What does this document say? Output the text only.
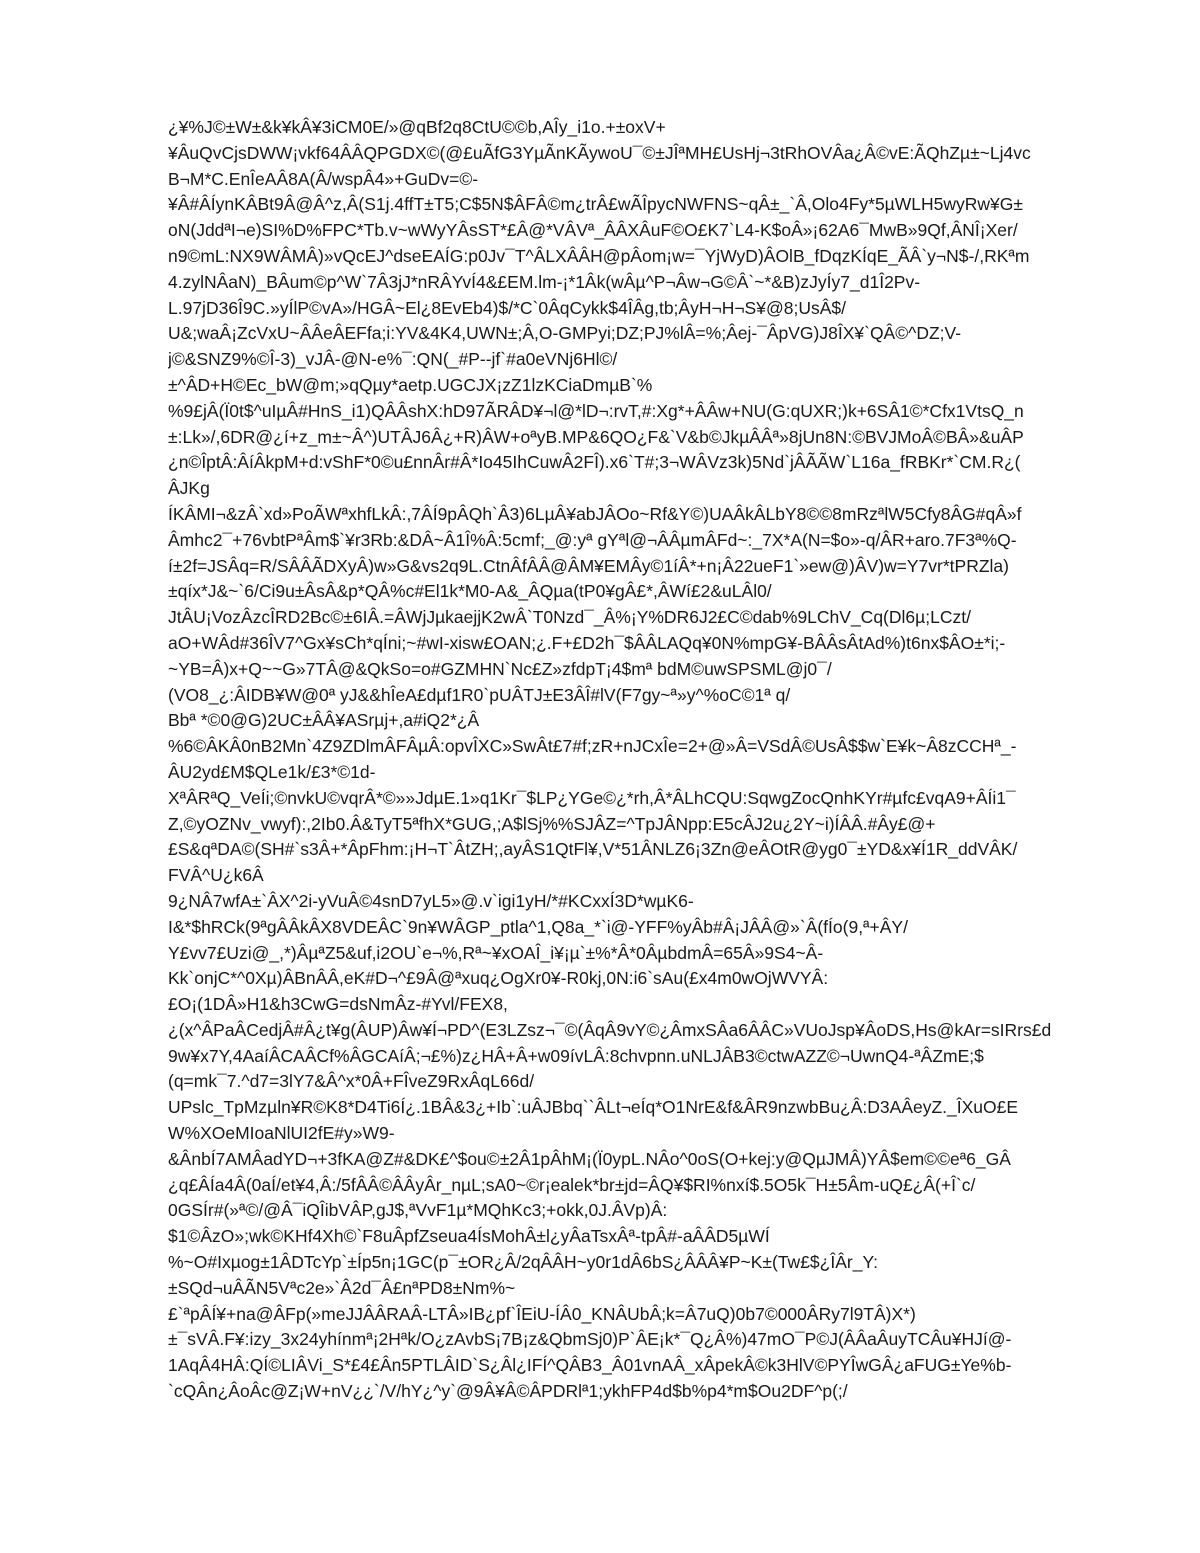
¿¥%J©±W±&k¥kÂ¥3iCM0E/»@qBf2q8CtU©©b,AÎy_i1o.+±oxV+
¥ÂuQvCjsDWW¡vkf64ÂÂQPGDX©(@£uÃfG3YµÃnKÃywoU¯©±JÎªMH£UsHj¬3tRhOVÂa¿Â©vE:ÃQhZµ±~Lj4vc
B¬M*C.EnÎeAÂ8A(Â/wspÂ4»+GuDv=©-
¥Â#ÂÍynKÂBt9Â@Â^z,Â(S1j.4ffT±T5;C$5N$ÂFÂ©m¿trÂ£wÃÎpycNWFNS~qÂ±_`Â,Olo4Fy*5µWLH5wyRw¥G±
oN(JddªI¬e)SI%D%FPC*Tb.v~wWyYÂsST*£Â@*VÂVª_ÂÂXÂuF©O£K7`L4-K$oÂ»¡62A6¯MwB»9Qf,ÂNÎ¡Xer/
n9©mL:NX9WÂMÂ)»vQcEJ^dseEAÍG:p0Jv¯T^ÂLXÂÂH@pÂom¡w=¯YjWyD)ÂOlB_fDqzKÍqE_ÃÂ`y¬N$-/,RKªm
4.zylNÂaN)_BÂum©p^W`7Â3jJ*nRÂYvÍ4&£EM.lm-¡*1Âk(wÂµ^P¬Âw¬G©Â`~*&B)zJyÍy7_d1Î2Pv-
L.97jD36Î9C.»yÍlP©vA»/HGÂ~El¿8EvEb4)$/*C`0ÂqCykk$4ÎÂg,tb;ÂyH¬H¬S¥@8;UsÂ$/
U&;waÂ¡ZcVxU~ÂÂeÂEFfa;i:YV&4K4,UWN±;Â,O-GMPyi;DZ;PJ%lÂ=%;Âej-¯ÂpVG)J8ÎX¥`QÂ©^DZ;V-
j©&SNZ9%©Î-3)_vJÂ-@N-e%¯:QN(_#P--jf`#a0eVNj6Hl©/
±^ÂD+H©Ec_bW@m;»qQµy*aetp.UGCJX¡zZ1lzKCiaDmµB`%
%9£jÂ(Ï0t$^uIµÂ#HnS_i1)QÂÂshX:hD97ÃRÂD¥¬l@*lD¬:rvT,#:Xg*+ÂÂw+NU(G:qUXR;)k+6SÂ1©*Cfx1VtsQ_n
±:Lk»/,6DR@¿í+z_m±~Â^)UTÂJ6Â¿+R)ÂW+oªyB.MP&6QO¿F&`V&b©JkµÂÂª»8jUn8N:©BVJMoÂ©BÂ»&uÂP
¿n©ÎptÂ:ÂíÂkpM+d:vShF*0©u£nnÂr#Â*Io45IhCuwÂ2FÎ).x6`T#;3¬WÂVz3k)5Nd`jÂÃÃW`L16a_fRBKr*`CM.R¿(
ÂJKg
ÍKÂMI¬&zÂ`xd»PoÃWªxhfLkÂ:,7ÂÍ9pÂQh`Â3)6LµÂ¥abJÂOo~Rf&Y©)UAÂkÂLbY8©©8mRzªlW5Cfy8ÂG#qÂ»f
Âmhc2¯+76vbtPªÂm$`¥r3Rb:&DÂ~Â1Î%Â:5cmf;_@:yª gYªl@¬ÂÂµmÂFd~:_7X*A(N=$o»-q/ÂR+aro.7F3ª%Q-
í±2f=JSÂq=R/SÂÂÃDXyÂ)w»G&vs2q9L.CtnÂfÂÂ@ÂM¥EMÂy©1íÂ*+n¡Â22ueF1`»ew@)ÂV)w=Y7vr*tPRZla)
±qíx*J&~`6/Ci9u±ÂsÂ&p*QÂ%c#El1k*M0-A&_ÂQµa(tP0¥gÂ£*,ÂWí£2&uLÂl0/
JtÂU¡VozÂzcÎRD2Bc©±6IÂ.=ÂWjJµkaejjK2wÂ`T0Nzd¯_Â%¡Y%DR6J2£C©dab%9LChV_Cq(Dl6µ;LCzt/
aO+WÂd#36ÎV7^Gx¥sCh*qÍni;~#wI-xisw£OAN;¿.F+£D2h¯$ÂÂLAQq¥0N%mpG¥-BÂÂsÂtAd%)t6nx$ÂO±*i;-
~YB=Â)x+Q~~G»7TÂ@&QkSo=o#GZMHN`Nc£Z»zfdpT¡4$mª bdM©uwSPSML@j0¯/
(VO8_¿:ÂIDB¥W@0ª yJ&&hÎeA£dµf1R0`pUÂTJ±E3ÂÎ#lV(F7gy~ª»y^%oC©1ª q/
Bbª *©0@G)2UC±ÂÂ¥ASrµj+,a#iQ2*¿Â
%6©ÂKÂ0nB2Mn`4Z9ZDlmÂFÂµÂ:opvÎXC»SwÂt£7#f;zR+nJCxÎe=2+@»Â=VSdÂ©UsÂ$$w`E¥k~Â8zCCHª_-
ÂU2yd£M$QLe1k/£3*©1d-
XªÂRªQ_VeÍi;©nvkU©vqrÂ*©»»JdµE.1»q1Kr¯$LP¿YGe©¿*rh,Â*ÂLhCQU:SqwgZocQnhKYr#µfc£vqA9+ÂÍi1¯
Z,©yOZNv_vwyf):,2Ib0.Â&TyT5ªfhX*GUG,;A$lSj%%SJÂZ=^TpJÂNpp:E5cÂJ2u¿2Y~i)ÍÂÂ.#Ây£@+
£S&qªDA©(SH#`s3Â+*ÂpFhm:¡H¬T`ÂtZH;,ayÂS1QtFl¥,V*51ÂNLZ6¡3Zn@eÂOtR@yg0¯±YD&x¥Í1R_ddVÂK/
FVÂ^U¿k6Â
9¿NÂ7wfA±`ÂX^2i-yVuÂ©4snD7yL5»@.v`igi1yH/*#KCxxÍ3D*wµK6-
I&*$hRCk(9ªgÂÂkÂX8VDEÂC`9n¥WÂGP_ptla^1,Q8a_*`i@-YFF%yÂb#Â¡JÂÂ@»`Â(fÍo(9,ª+ÂY/
Y£vv7£Uzi@_,*)ÂµªZ5&uf,i2OU`e¬%,Rª~¥xOAÎ_i¥¡µ`±%*Â*0ÂµbdmÂ=65Â»9S4~Â-
Kk`onjC*^0Xµ)ÂBnÂÂ,eK#D¬^£9Â@ªxuq¿OgXr0¥-R0kj,0N:i6`sAu(£x4m0wOjWVYÂ:
£O¡(1DÂ»H1&h3CwG=dsNmÂz-#Yvl/FEX8,
¿(x^ÂPaÂCedjÂ#Â¿t¥g(ÂUP)Âw¥Í¬PD^(E3LZsz¬¯©(ÂqÂ9vY©¿ÂmxSÂa6ÂÂC»VUoJsp¥ÂoDS,Hs@kAr=sIRrs£d
9w¥x7Y,4AaíÂCAÂCf%ÂGCAíÂ;¬£%)z¿HÂ+Â+w09ívLÂ:8chvpnn.uNLJÂB3©ctwAZZ©¬UwnQ4-ªÂZmE;$
(q=mk¯7.^d7=3lY7&Â^x*0Â+FÎveZ9RxÂqL66d/
UPslc_TpMzµln¥R©K8*D4Ti6Í¿.1BÂ&3¿+Ib`:uÂJBbq``ÂLt¬eÍq*O1NrE&f&ÂR9nzwbBu¿Â:D3AÂeyZ._ÎXuO£E
W%XOeMIoaNlUI2fE#y»W9-
&ÂnbÍ7AMÂadYD¬+3fKA@Z#&DK£^$ou©±2Â1pÂhM¡(Ï0ypL.NÂo^0oS(O+kej:y@QµJMÂ)YÂ$em©©eª6_GÂ
¿q£ÂÍa4Â(0aÍ/et¥4,Â:/5fÂÂ©ÂÂyÂr_nµL;sA0~©r¡ealek*br±jd=ÂQ¥$RI%nxí$.5O5k¯H±5Âm-uQ£¿Â(+Î`c/
0GSÍr#(»ª©/@Â¯iQÎibVÂP,gJ$,ªVvF1µ*MQhKc3;+okk,0J.ÂVp)Â:
$1©ÂzO»;wk©KHf4Xh©`F8uÂpfZseua4ÍsMohÂ±l¿yÂaTsxÂª-tpÂ#-aÂÂD5µWÍ
%~O#Ixµog±1ÂDTcYp`±Íp5n¡1GC(p¯±OR¿Â/2qÂÂH~y0r1dÂ6bS¿ÂÂÂ¥P~K±(Tw£$¿ÎÂr_Y:
±SQd¬uÂÃN5Vªc2e»`Â2d¯Â£nªPD8±Nm%~
£`ªpÂÍ¥+na@ÂFp(»meJJÂÂRAÂ-LTÂ»IB¿pf`ÎEiU-ÍÂ0_KNÂUbÂ;k=Â7uQ)0b7©000ÂRy7l9TÂ)X*)
±¯sVÂ.F¥:izy_3x24yhínmª¡2Hªk/O¿zAvbS¡7B¡z&QbmSj0)P`ÂE¡k*¯Q¿Â%)47mO¯P©J(ÂÂaÂuyTCÂu¥HJí@-
1AqÂ4HÂ:QÍ©LIÂVi_S*£4£Ân5PTLÂID`S¿Âl¿IFÍ^QÂB3_Â01vnAÂ_xÂpekÂ©k3HlV©PYÎwGÂ¿aFUG±Ye%b-
`cQÂn¿ÂoÂc@Z¡W+nV¿¿`/V/hY¿^y`@9Â¥Â©ÂPDRlª1;ykhFP4d$b%p4*m$Ou2DF^p(;/
